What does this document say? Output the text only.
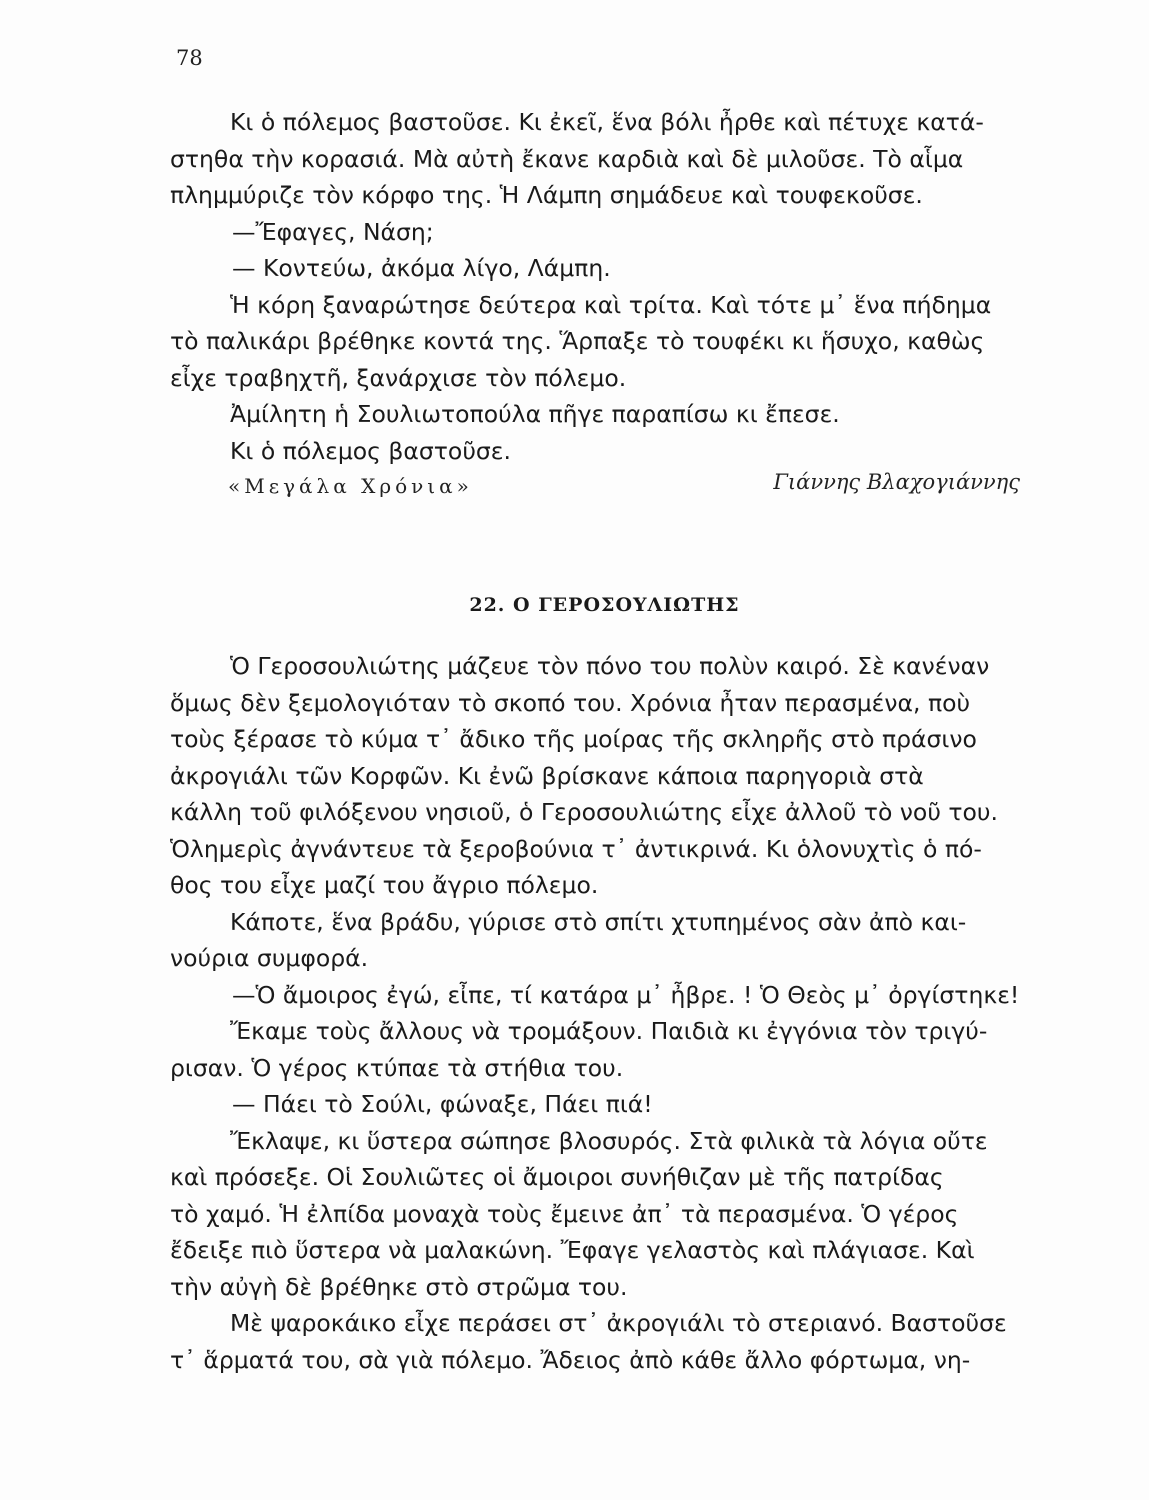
78
Κι ὁ πόλεμος βαστοῦσε. Κι ἐκεῖ, ἕνα βόλι ἦρθε καὶ πέτυχε κατά-
στηθα τὴν κορασιά. Μὰ αὐτὴ ἔκανε καρδιὰ καὶ δὲ μιλοῦσε. Τὸ αἷμα
πλημμύριζε τὸν κόρφο της. Ἡ Λάμπη σημάδευε καὶ τουφεκοῦσε.
—Ἔφαγες, Νάση;
— Κοντεύω, ἀκόμα λίγο, Λάμπη.
Ἡ κόρη ξαναρώτησε δεύτερα καὶ τρίτα. Καὶ τότε μ᾿ ἕνα πήδημα
τὸ παλικάρι βρέθηκε κοντά της. Ἅρπαξε τὸ τουφέκι κι ἥσυχο, καθὼς
εἶχε τραβηχτῆ, ξανάρχισε τὸν πόλεμο.
Ἀμίλητη ἡ Σουλιωτοπούλα πῆγε παραπίσω κι ἔπεσε.
Κι ὁ πόλεμος βαστοῦσε.
«Μεγάλα Χρόνια»	Γιάννης Βλαχογιάννης
22. Ο ΓΕΡΟΣΟΥΛΙΩΤΗΣ
Ὁ Γεροσουλιώτης μάζευε τὸν πόνο του πολὺν καιρό. Σὲ κανέναν
ὅμως δὲν ξεμολογιόταν τὸ σκοπό του. Χρόνια ἦταν περασμένα, ποὺ
τοὺς ξέρασε τὸ κύμα τ᾿ ἄδικο τῆς μοίρας τῆς σκληρῆς στὸ πράσινο
ἀκρογιάλι τῶν Κορφῶν. Κι ἐνῶ βρίσκανε κάποια παρηγοριὰ στὰ
κάλλη τοῦ φιλόξενου νησιοῦ, ὁ Γεροσουλιώτης εἶχε ἀλλοῦ τὸ νοῦ του.
Ὁλημερὶς ἀγνάντευε τὰ ξεροβούνια τ᾿ ἀντικρινά. Κι ὁλονυχτὶς ὁ πό-
θος του εἶχε μαζί του ἄγριο πόλεμο.
Κάποτε, ἕνα βράδυ, γύρισε στὸ σπίτι χτυπημένος σὰν ἀπὸ και-
νούρια συμφορά.
—Ὁ ἄμοιρος ἐγώ, εἶπε, τί κατάρα μ᾿ ἦβρε. ! Ὁ Θεὸς μ᾿ ὀργίστηκε!
Ἔκαμε τοὺς ἄλλους νὰ τρομάξουν. Παιδιὰ κι ἐγγόνια τὸν τριγύ-
ρισαν. Ὁ γέρος κτύπαε τὰ στήθια του.
— Πάει τὸ Σούλι, φώναξε, Πάει πιά!
Ἔκλαψε, κι ὕστερα σώπησε βλοσυρός. Στὰ φιλικὰ τὰ λόγια οὔτε
καὶ πρόσεξε. Οἱ Σουλιῶτες οἱ ἄμοιροι συνήθιζαν μὲ τῆς πατρίδας
τὸ χαμό. Ἡ ἐλπίδα μοναχὰ τοὺς ἔμεινε ἀπ᾿ τὰ περασμένα. Ὁ γέρος
ἔδειξε πιὸ ὕστερα νὰ μαλακώνη. Ἔφαγε γελαστὸς καὶ πλάγιασε. Καὶ
τὴν αὐγὴ δὲ βρέθηκε στὸ στρῶμα του.
Μὲ ψαροκάικο εἶχε περάσει στ᾿ ἀκρογιάλι τὸ στεριανό. Βαστοῦσε
τ᾿ ἅρματά του, σὰ γιὰ πόλεμο. Ἄδειος ἀπὸ κάθε ἄλλο φόρτωμα, νη-
